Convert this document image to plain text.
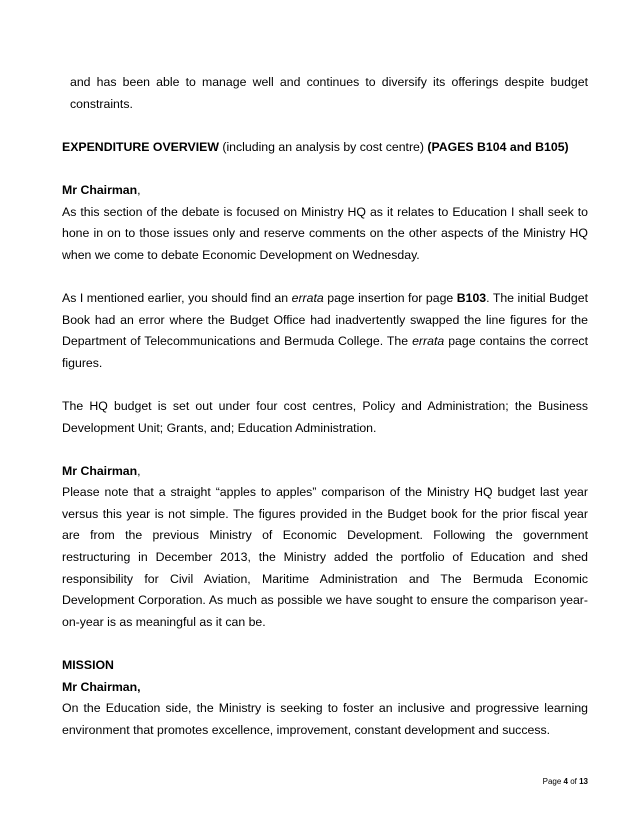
and has been able to manage well and continues to diversify its offerings despite budget constraints.

EXPENDITURE OVERVIEW (including an analysis by cost centre) (PAGES B104 and B105)

Mr Chairman,

As this section of the debate is focused on Ministry HQ as it relates to Education I shall seek to hone in on to those issues only and reserve comments on the other aspects of the Ministry HQ when we come to debate Economic Development on Wednesday.

As I mentioned earlier, you should find an errata page insertion for page B103. The initial Budget Book had an error where the Budget Office had inadvertently swapped the line figures for the Department of Telecommunications and Bermuda College. The errata page contains the correct figures.

The HQ budget is set out under four cost centres, Policy and Administration; the Business Development Unit; Grants, and; Education Administration.

Mr Chairman,

Please note that a straight “apples to apples” comparison of the Ministry HQ budget last year versus this year is not simple. The figures provided in the Budget book for the prior fiscal year are from the previous Ministry of Economic Development. Following the government restructuring in December 2013, the Ministry added the portfolio of Education and shed responsibility for Civil Aviation, Maritime Administration and The Bermuda Economic Development Corporation. As much as possible we have sought to ensure the comparison year-on-year is as meaningful as it can be.

MISSION

Mr Chairman,

On the Education side, the Ministry is seeking to foster an inclusive and progressive learning environment that promotes excellence, improvement, constant development and success.

Page 4 of 13
